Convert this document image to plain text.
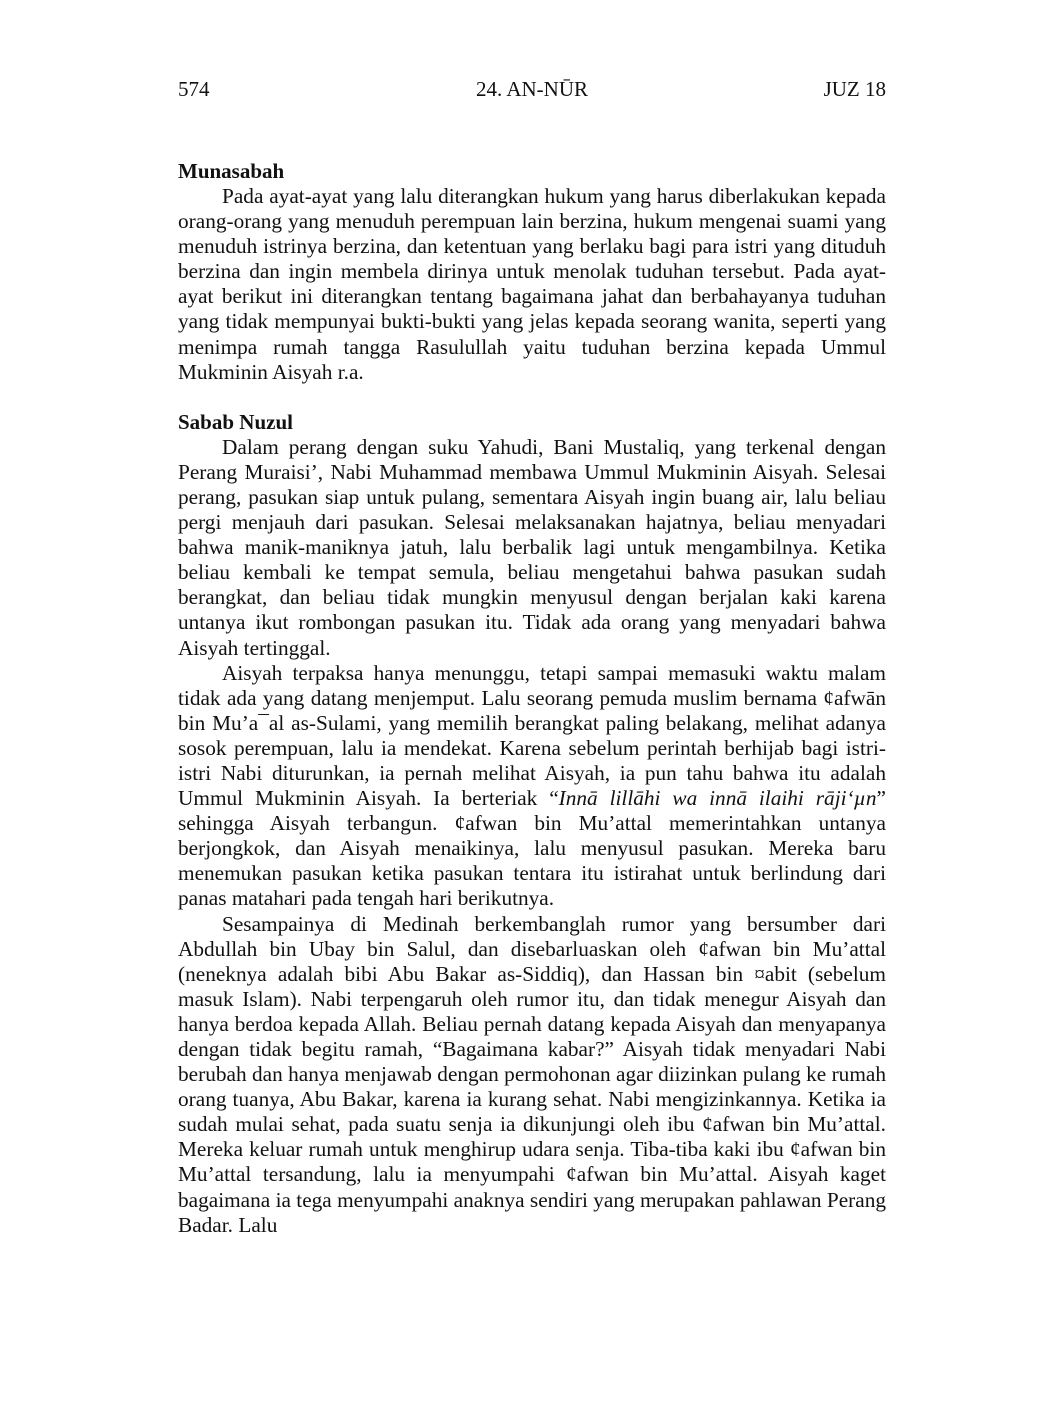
574	24. AN-NŪR	JUZ 18
Munasabah

Pada ayat-ayat yang lalu diterangkan hukum yang harus diberlakukan kepada orang-orang yang menuduh perempuan lain berzina, hukum mengenai suami yang menuduh istrinya berzina, dan ketentuan yang berlaku bagi para istri yang dituduh berzina dan ingin membela dirinya untuk menolak tuduhan tersebut. Pada ayat-ayat berikut ini diterangkan tentang bagaimana jahat dan berbahayanya tuduhan yang tidak mempunyai bukti-bukti yang jelas kepada seorang wanita, seperti yang menimpa rumah tangga Rasulullah yaitu tuduhan berzina kepada Ummul Mukminin Aisyah r.a.

Sabab Nuzul

Dalam perang dengan suku Yahudi, Bani Mustaliq, yang terkenal dengan Perang Muraisi’, Nabi Muhammad membawa Ummul Mukminin Aisyah. Selesai perang, pasukan siap untuk pulang, sementara Aisyah ingin buang air, lalu beliau pergi menjauh dari pasukan. Selesai melaksanakan hajatnya, beliau menyadari bahwa manik-maniknya jatuh, lalu berbalik lagi untuk mengambilnya. Ketika beliau kembali ke tempat semula, beliau mengetahui bahwa pasukan sudah berangkat, dan beliau tidak mungkin menyusul dengan berjalan kaki karena untanya ikut rombongan pasukan itu. Tidak ada orang yang menyadari bahwa Aisyah tertinggal.

Aisyah terpaksa hanya menunggu, tetapi sampai memasuki waktu malam tidak ada yang datang menjemput. Lalu seorang pemuda muslim bernama ¢afwān bin Mu’a¯al as-Sulami, yang memilih berangkat paling belakang, melihat adanya sosok perempuan, lalu ia mendekat. Karena sebelum perintah berhijab bagi istri-istri Nabi diturunkan, ia pernah melihat Aisyah, ia pun tahu bahwa itu adalah Ummul Mukminin Aisyah. Ia berteriak “Innā lillāhi wa innā ilaihi rāji‘µn” sehingga Aisyah terbangun. ¢afwan bin Mu’attal memerintahkan untanya berjongkok, dan Aisyah menaikinya, lalu menyusul pasukan. Mereka baru menemukan pasukan ketika pasukan tentara itu istirahat untuk berlindung dari panas matahari pada tengah hari berikutnya.

Sesampainya di Medinah berkembanglah rumor yang bersumber dari Abdullah bin Ubay bin Salul, dan disebarluaskan oleh ¢afwan bin Mu’attal (neneknya adalah bibi Abu Bakar as-Siddiq), dan Hassan bin ¤abit (sebelum masuk Islam). Nabi terpengaruh oleh rumor itu, dan tidak menegur Aisyah dan hanya berdoa kepada Allah. Beliau pernah datang kepada Aisyah dan menyapanya dengan tidak begitu ramah, “Bagaimana kabar?” Aisyah tidak menyadari Nabi berubah dan hanya menjawab dengan permohonan agar diizinkan pulang ke rumah orang tuanya, Abu Bakar, karena ia kurang sehat. Nabi mengizinkannya. Ketika ia sudah mulai sehat, pada suatu senja ia dikunjungi oleh ibu ¢afwan bin Mu’attal. Mereka keluar rumah untuk menghirup udara senja. Tiba-tiba kaki ibu ¢afwan bin Mu’attal tersandung, lalu ia menyumpahi ¢afwan bin Mu’attal. Aisyah kaget bagaimana ia tega menyumpahi anaknya sendiri yang merupakan pahlawan Perang Badar. Lalu
